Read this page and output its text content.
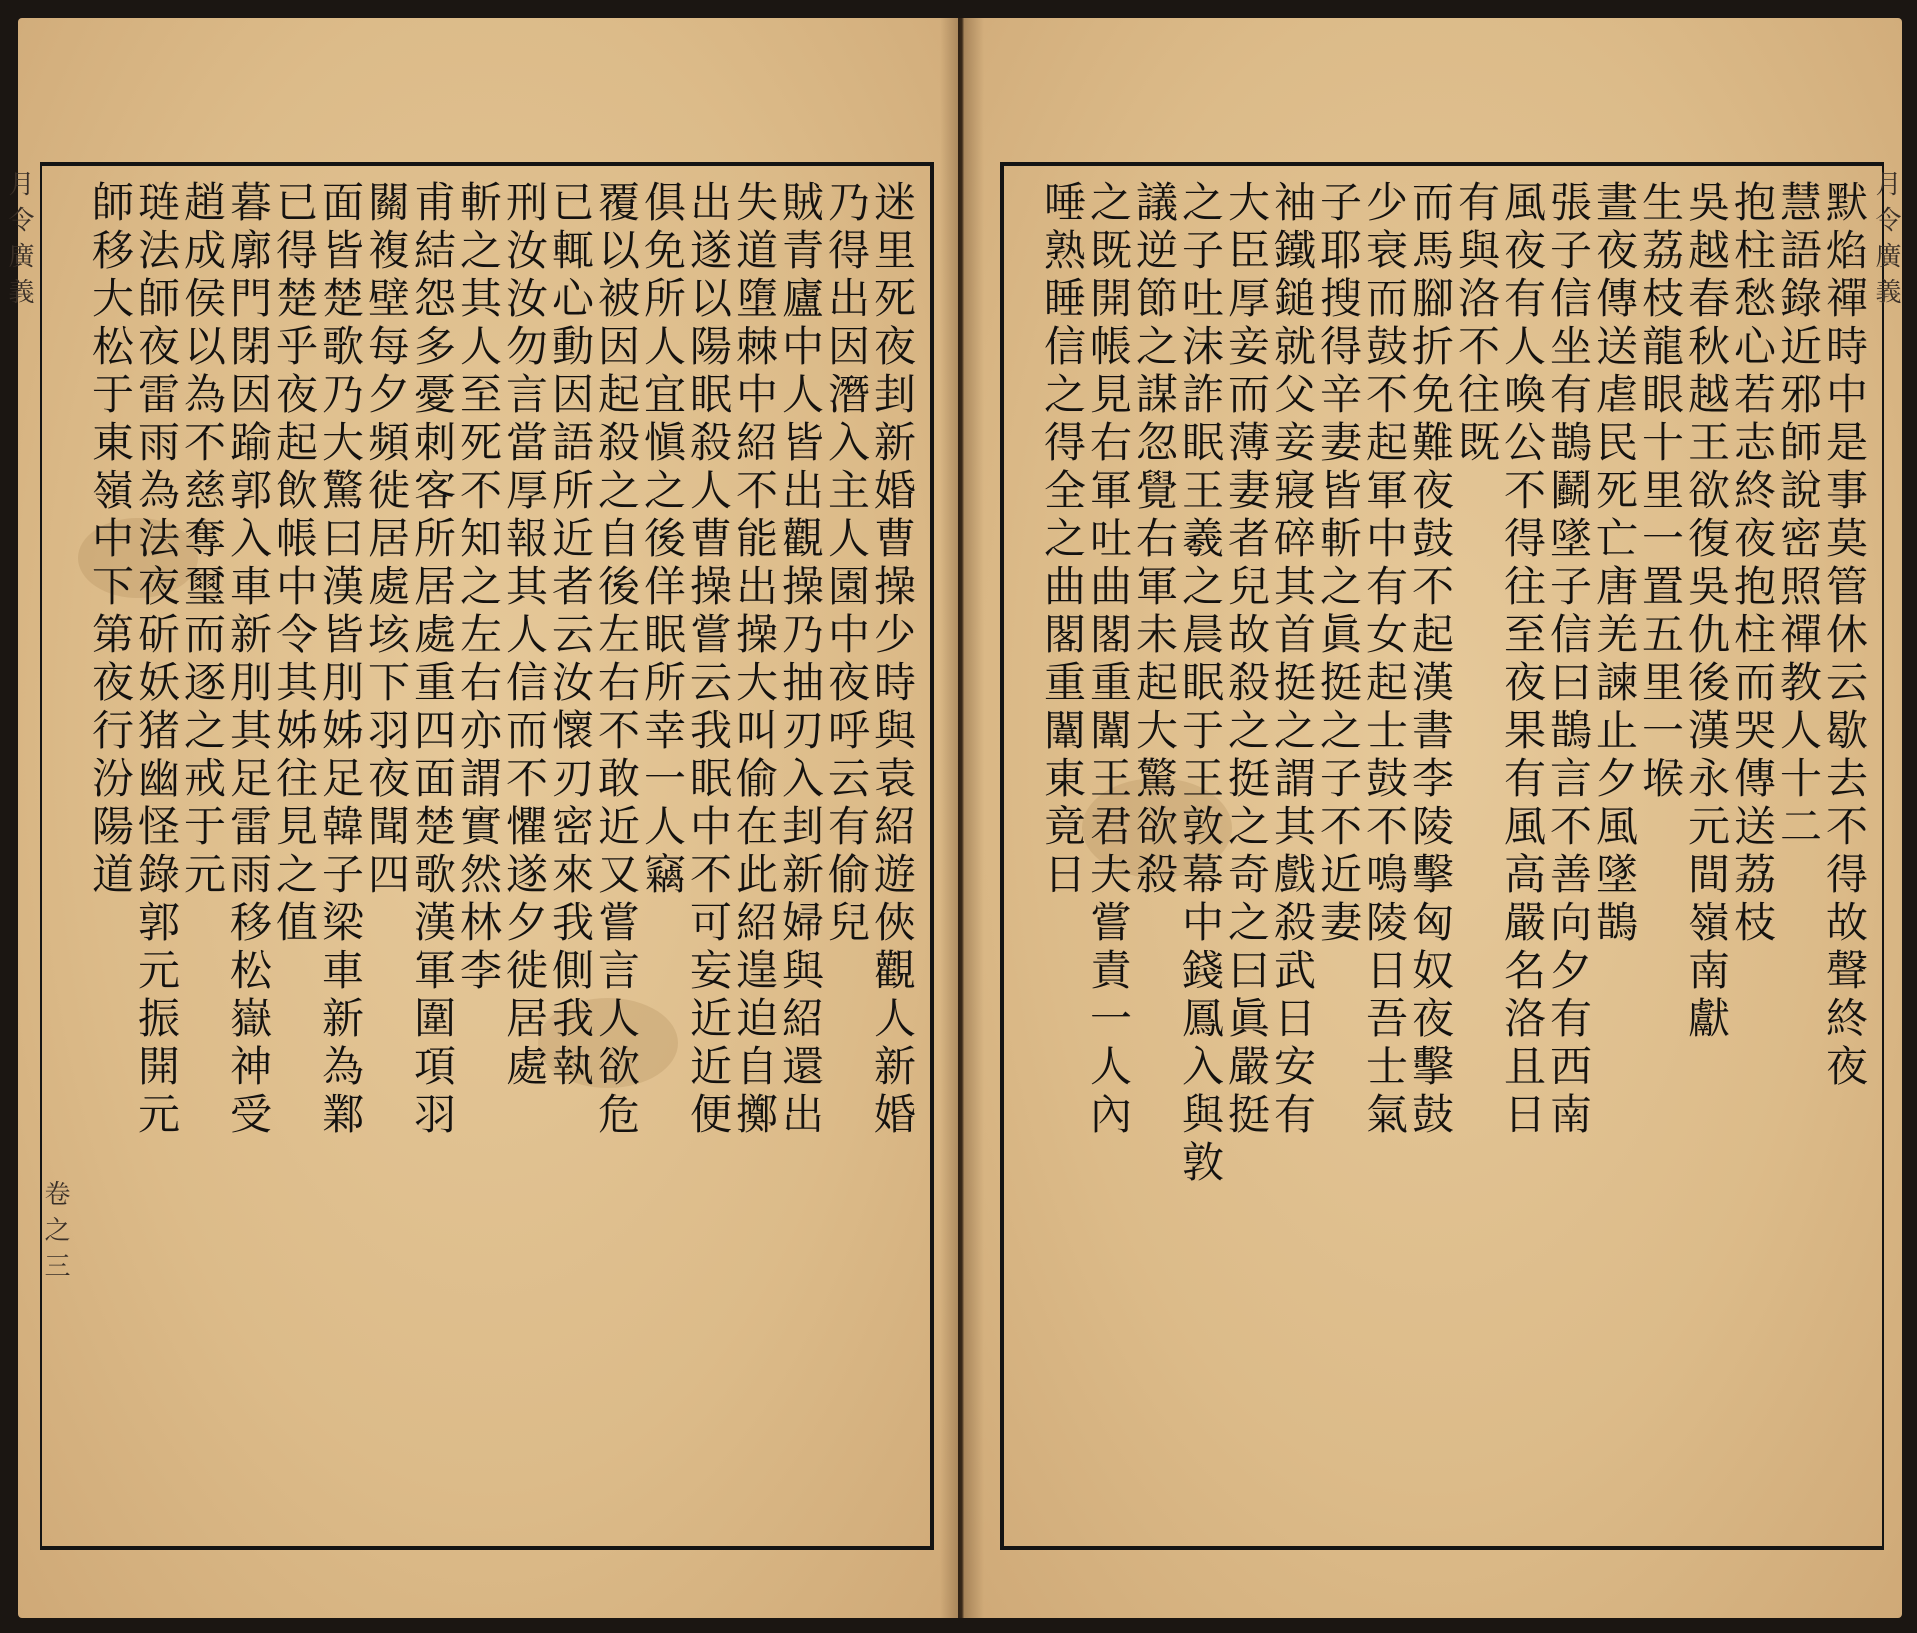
月令廣義
月令廣義
卷之三
默焰禪時中是事莫管休云歇去不得故聲終夜
慧語錄近邪師說密照禪教人十二
抱柱愁心若志終夜抱柱而哭傳送荔枝
吳越春秋越王欲復吳仇後漢永元間嶺南獻
生荔枝龍眼十里一置五里一堠
晝夜傳送虐民死亡唐羌諫止夕風墜鵲
張子信坐有鵲鬬墜子信曰鵲言不善向夕有西南
風夜有人喚公不得往至夜果有風高嚴名洛且日
有與洛不往既
而馬腳折免難夜鼓不起漢書李陵擊匈奴夜擊鼓
少衰而鼓不起軍中有女起士鼓不鳴陵日吾士氣
子耶搜得辛妻皆斬之眞挺之子不近妻
袖鐵鎚就父妾寢碎其首挺之謂其戲殺武日安有
大臣厚妾而薄妻者兒故殺之挺之奇之曰眞嚴挺
之子吐沫詐眠王羲之晨眠于王敦幕中錢鳳入與敦
議逆節之謀忽覺右軍未起大驚欲殺
之既開帳見右軍吐曲閣重闈王君夫嘗責一人內
唾熟睡信之得全之曲閣重闈東竟日
迷里死夜刲新婚曹操少時與袁紹遊俠觀人新婚
乃得出因潛入主人園中夜呼云有偷兒
賊青廬中人皆出觀操乃抽刃入刲新婦與紹還出
失道墮棘中紹不能出操大叫偷在此紹遑迫自擲
出遂以陽眠殺人曹操嘗云我眠中不可妄近近便
俱免所人宜愼之後佯眠所幸一人竊
覆以被因起殺之自後左右不敢近又嘗言人欲危
已輒心動因語所近者云汝懷刃密來我側我執
刑汝汝勿言當厚報其人信而不懼遂夕徙居處
斬之其人至死不知之左右亦謂實然林李
甫結怨多憂刺客所居處重四面楚歌漢軍圍項羽
關複壁每夕頻徙居處垓下羽夜聞四
面皆楚歌乃大驚曰漢皆刖姊足韓子梁車新為鄴
已得楚乎夜起飲帳中令其姊往見之值
暮廓門閉因踰郭入車新刖其足雷雨移松嶽神受
趙成侯以為不慈奪璽而逐之戒于元
琏法師夜雷雨為法夜斫妖猪幽怪錄郭元振開元
師移大松于東嶺中下第夜行汾陽道
